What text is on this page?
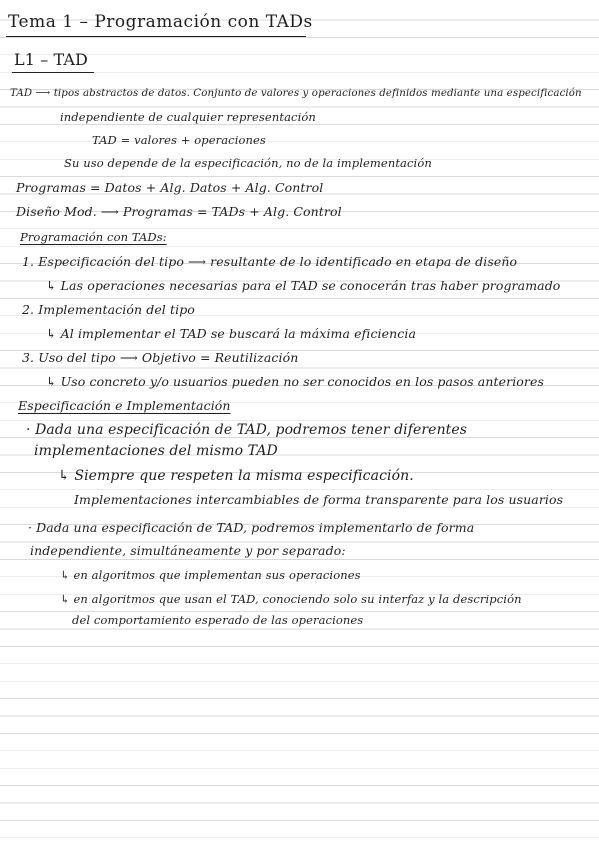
Tema 1 – Programación con TADs
L1 – TAD
TAD ⟶ tipos abstractos de datos. Conjunto de valores y operaciones definidos mediante una especificación
independiente de cualquier representación
TAD = valores + operaciones
Su uso depende de la especificación, no de la implementación
Programas = Datos + Alg. Datos + Alg. Control
Diseño Mod. ⟶ Programas = TADs + Alg. Control
Programación con TADs:
1. Especificación del tipo ⟶ resultante de lo identificado en etapa de diseño
↳ Las operaciones necesarias para el TAD se conocerán tras haber programado
2. Implementación del tipo
↳ Al implementar el TAD se buscará la máxima eficiencia
3. Uso del tipo ⟶ Objetivo = Reutilización
↳ Uso concreto y/o usuarios pueden no ser conocidos en los pasos anteriores
Especificación e Implementación
· Dada una especificación de TAD, podremos tener diferentes
implementaciones del mismo TAD
↳ Siempre que respeten la misma especificación.
Implementaciones intercambiables de forma transparente para los usuarios
· Dada una especificación de TAD, podremos implementarlo de forma
independiente, simultáneamente y por separado:
↳ en algoritmos que implementan sus operaciones
↳ en algoritmos que usan el TAD, conociendo solo su interfaz y la descripción
del comportamiento esperado de las operaciones
